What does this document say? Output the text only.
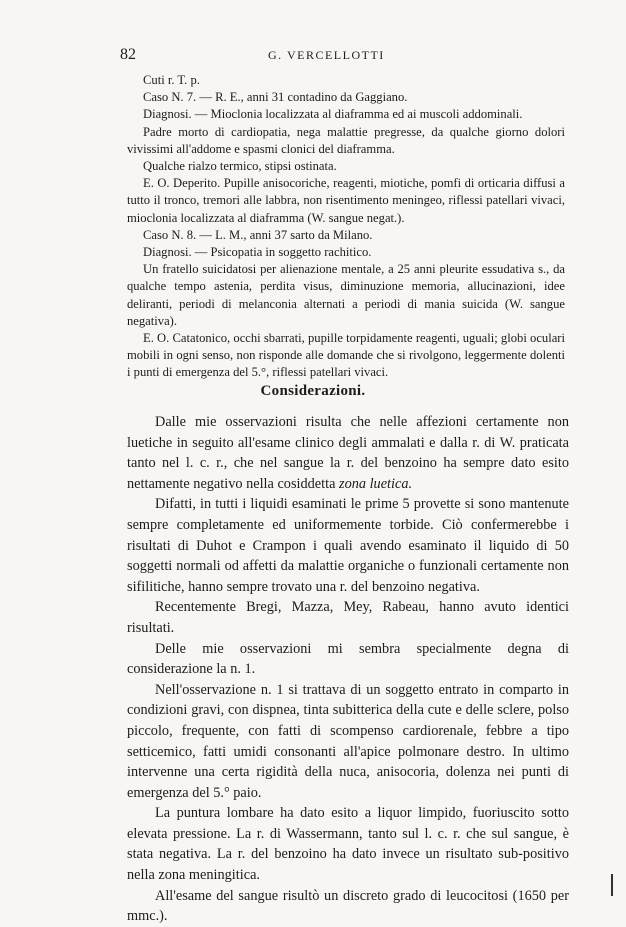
82	G. VERCELLOTTI

Cuti r. T. p.

Caso N. 7. — R. E., anni 31 contadino da Gaggiano.

Diagnosi. — Mioclonia localizzata al diaframma ed ai muscoli addominali.

Padre morto di cardiopatia, nega malattie pregresse, da qualche giorno dolori vivissimi all'addome e spasmi clonici del diaframma.

Qualche rialzo termico, stipsi ostinata.

E. O. Deperito. Pupille anisocoriche, reagenti, miotiche, pomfi di orticaria diffusi a tutto il tronco, tremori alle labbra, non risentimento meningeo, riflessi patellari vivaci, mioclonia localizzata al diaframma (W. sangue negat.).

Caso N. 8. — L. M., anni 37 sarto da Milano.

Diagnosi. — Psicopatia in soggetto rachitico.

Un fratello suicidatosi per alienazione mentale, a 25 anni pleurite essudativa s., da qualche tempo astenia, perdita visus, diminuzione memoria, allucinazioni, idee deliranti, periodi di melanconia alternati a periodi di mania suicida (W. sangue negativa).

E. O. Catatonico, occhi sbarrati, pupille torpidamente reagenti, uguali; globi oculari mobili in ogni senso, non risponde alle domande che si rivolgono, leggermente dolenti i punti di emergenza del 5.°, riflessi patellari vivaci.

Considerazioni.

Dalle mie osservazioni risulta che nelle affezioni certamente non luetiche in seguito all'esame clinico degli ammalati e dalla r. di W. praticata tanto nel l. c. r., che nel sangue la r. del benzoino ha sempre dato esito nettamente negativo nella cosiddetta zona luetica.

Difatti, in tutti i liquidi esaminati le prime 5 provette si sono mantenute sempre completamente ed uniformemente torbide. Ciò confermerebbe i risultati di Duhot e Crampon i quali avendo esaminato il liquido di 50 soggetti normali od affetti da malattie organiche o funzionali certamente non sifilitiche, hanno sempre trovato una r. del benzoino negativa.

Recentemente Bregi, Mazza, Mey, Rabeau, hanno avuto identici risultati.

Delle mie osservazioni mi sembra specialmente degna di considerazione la n. 1.

Nell'osservazione n. 1 si trattava di un soggetto entrato in comparto in condizioni gravi, con dispnea, tinta subitterica della cute e delle sclere, polso piccolo, frequente, con fatti di scompenso cardiorenale, febbre a tipo setticemico, fatti umidi consonanti all'apice polmonare destro. In ultimo intervenne una certa rigidità della nuca, anisocoria, dolenza nei punti di emergenza del 5.° paio.

La puntura lombare ha dato esito a liquor limpido, fuoriuscito sotto elevata pressione. La r. di Wassermann, tanto sul l. c. r. che sul sangue, è stata negativa. La r. del benzoino ha dato invece un risultato sub-positivo nella zona meningitica.

All'esame del sangue risultò un discreto grado di leucocitosi (1650 per mmc.).
